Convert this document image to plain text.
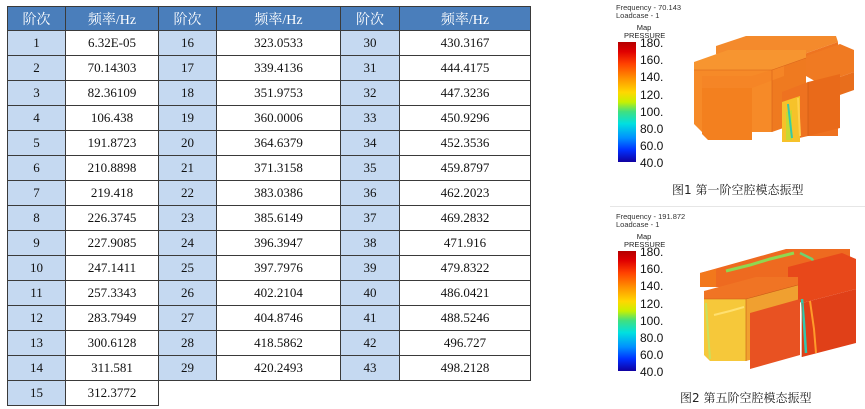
阶次	频率/Hz	阶次	频率/Hz	阶次	频率/Hz
1	6.32E-05	16	323.0533	30	430.3167
2	70.14303	17	339.4136	31	444.4175
3	82.36109	18	351.9753	32	447.3236
4	106.438	19	360.0006	33	450.9296
5	191.8723	20	364.6379	34	452.3536
6	210.8898	21	371.3158	35	459.8797
7	219.418	22	383.0386	36	462.2023
8	226.3745	23	385.6149	37	469.2832
9	227.9085	24	396.3947	38	471.916
10	247.1411	25	397.7976	39	479.8322
11	257.3343	26	402.2104	40	486.0421
12	283.7949	27	404.8746	41	488.5246
13	300.6128	28	418.5862	42	496.727
14	311.581	29	420.2493	43	498.2128
15	312.3772				
Frequency - 70.143
Loadcase - 1
Map
PRESSURE
180.
160.
140.
120.
100.
80.0
60.0
40.0
图1 第一阶空腔模态振型
Frequency - 191.872
Loadcase - 1
Map
PRESSURE
180.
160.
140.
120.
100.
80.0
60.0
40.0
图2 第五阶空腔模态振型
